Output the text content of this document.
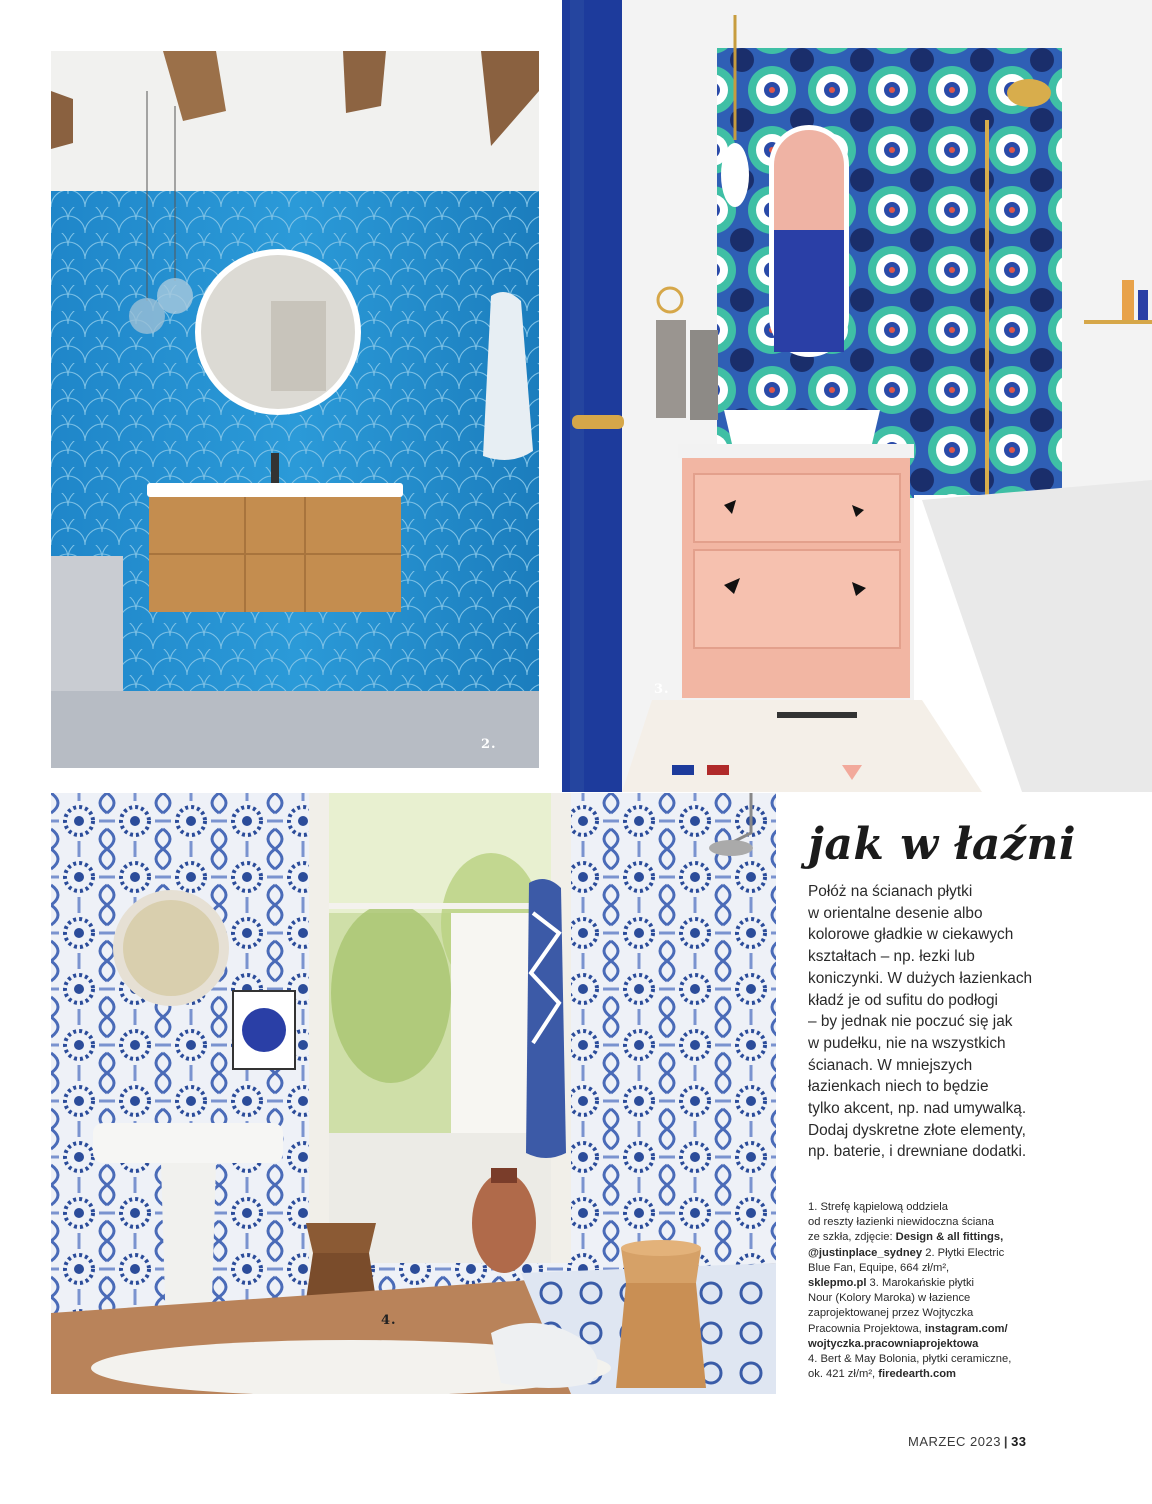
2.
3.
4.
jak w łaźni
Połóż na ścianach płytki
w orientalne desenie albo
kolorowe gładkie w ciekawych
kształtach – np. łezki lub
koniczynki. W dużych łazienkach
kładź je od sufitu do podłogi
– by jednak nie poczuć się jak
w pudełku, nie na wszystkich
ścianach. W mniejszych
łazienkach niech to będzie
tylko akcent, np. nad umywalką.
Dodaj dyskretne złote elementy,
np. baterie, i drewniane dodatki.
1. Strefę kąpielową oddziela
od reszty łazienki niewidoczna ściana
ze szkła, zdjęcie: Design & all fittings,
@justinplace_sydney 2. Płytki Electric
Blue Fan, Equipe, 664 zł/m²,
sklepmo.pl 3. Marokańskie płytki
Nour (Kolory Maroka) w łazience
zaprojektowanej przez Wojtyczka
Pracownia Projektowa, instagram.com/
wojtyczka.pracowniaprojektowa
4. Bert & May Bolonia, płytki ceramiczne,
ok. 421 zł/m², firedearth.com
MARZEC 2023 | 33
